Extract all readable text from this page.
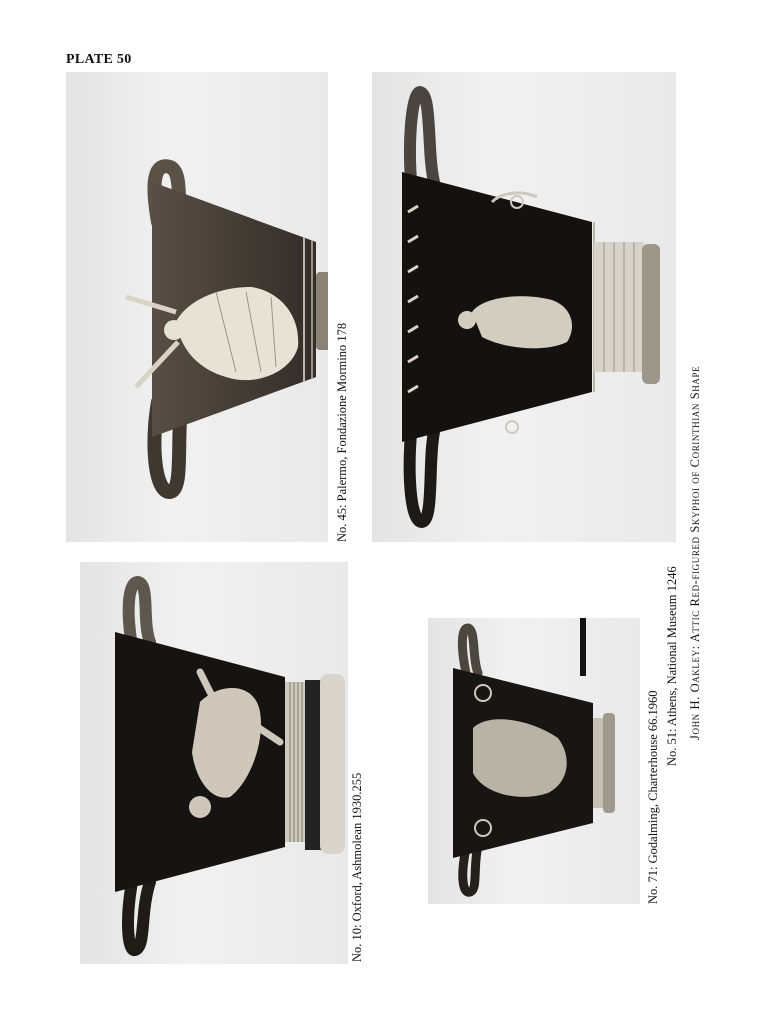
PLATE 50
No. 45: Palermo, Fondazione Mormino 178
No. 51: Athens, National Museum 1246
No. 10: Oxford, Ashmolean 1930.255	No. 71: Godalming, Charterhouse 66.1960
John H. Oakley: Attic Red-figured Skyphoi of Corinthian Shape
